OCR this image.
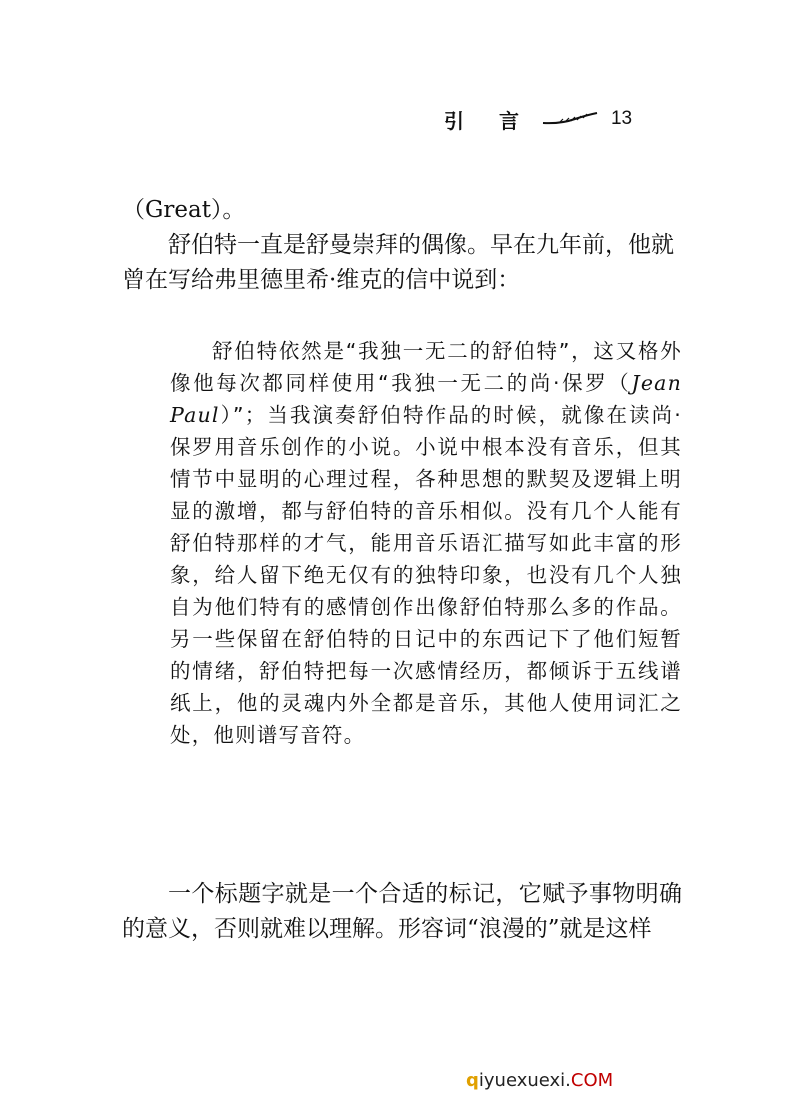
引 言	13

（Great）。

舒伯特一直是舒曼崇拜的偶像。早在九年前，他就曾在写给弗里德里希·维克的信中说到：

舒伯特依然是“我独一无二的舒伯特”，这又格外像他每次都同样使用“我独一无二的尚·保罗（Jean Paul）”；当我演奏舒伯特作品的时候，就像在读尚·保罗用音乐创作的小说。小说中根本没有音乐，但其情节中显明的心理过程，各种思想的默契及逻辑上明显的激增，都与舒伯特的音乐相似。没有几个人能有舒伯特那样的才气，能用音乐语汇描写如此丰富的形象，给人留下绝无仅有的独特印象，也没有几个人独自为他们特有的感情创作出像舒伯特那么多的作品。另一些保留在舒伯特的日记中的东西记下了他们短暂的情绪，舒伯特把每一次感情经历，都倾诉于五线谱纸上，他的灵魂内外全都是音乐，其他人使用词汇之处，他则谱写音符。

一个标题字就是一个合适的标记，它赋予事物明确的意义，否则就难以理解。形容词“浪漫的”就是这样

qiyuexuexi.COM
